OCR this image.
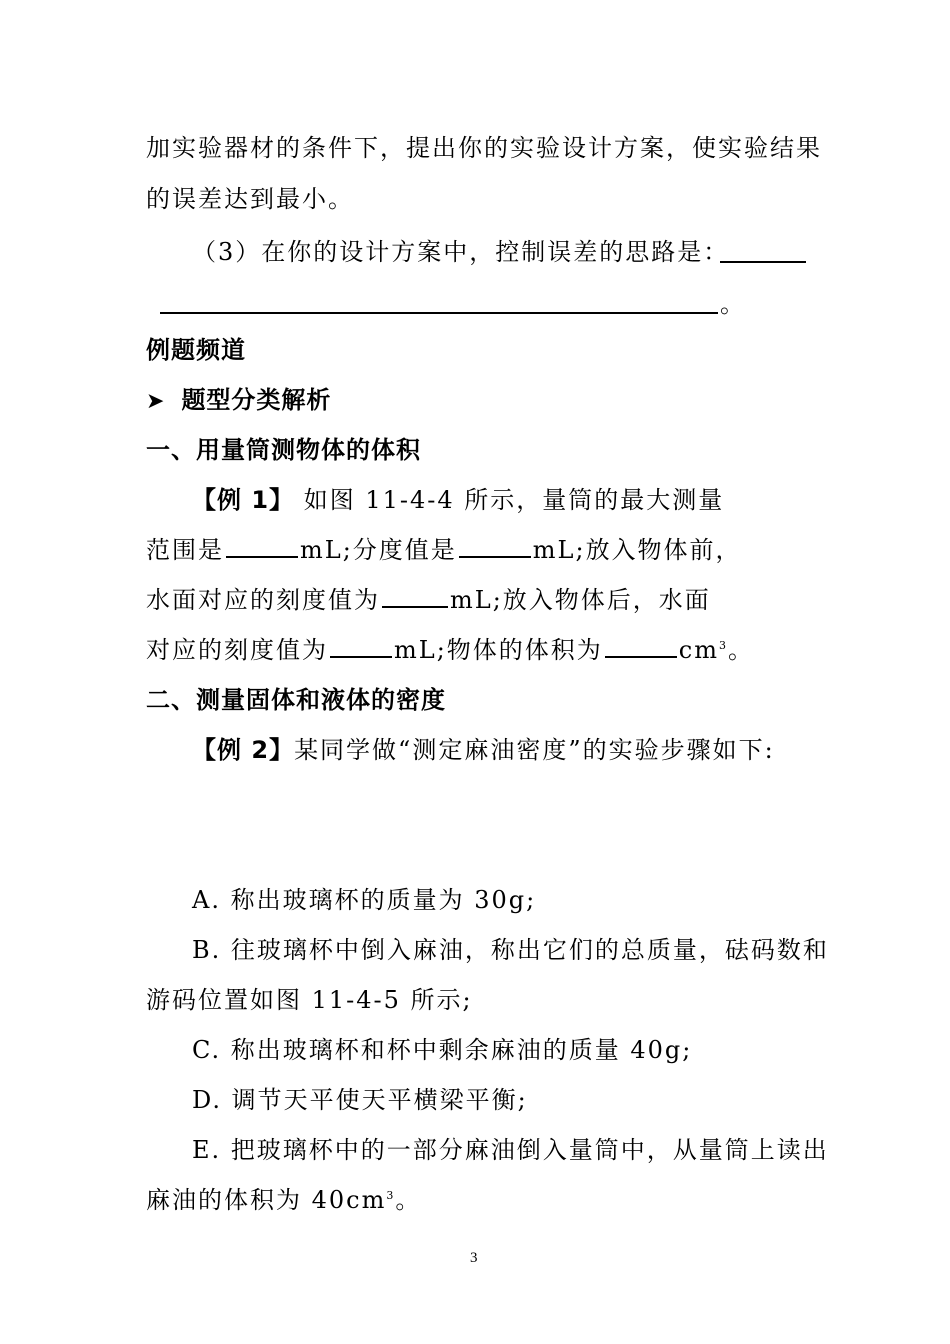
加实验器材的条件下，提出你的实验设计方案，使实验结果
的误差达到最小。
（3）在你的设计方案中，控制误差的思路是：
。
例题频道
➤ 题型分类解析
一、用量筒测物体的体积
【例 1】 如图 11-4-4 所示，量筒的最大测量
范围是	mL;分度值是	mL;放入物体前，
水面对应的刻度值为	mL;放入物体后，水面
对应的刻度值为	mL;物体的体积为	$cm^3$。
二、测量固体和液体的密度
【例 2】某同学做“测定麻油密度”的实验步骤如下:
A. 称出玻璃杯的质量为 30g;
B. 往玻璃杯中倒入麻油，称出它们的总质量，砝码数和
游码位置如图 11-4-5 所示;
C. 称出玻璃杯和杯中剩余麻油的质量 40g;
D. 调节天平使天平横梁平衡;
E. 把玻璃杯中的一部分麻油倒入量筒中，从量筒上读出
麻油的体积为 $40cm^3$。
3
